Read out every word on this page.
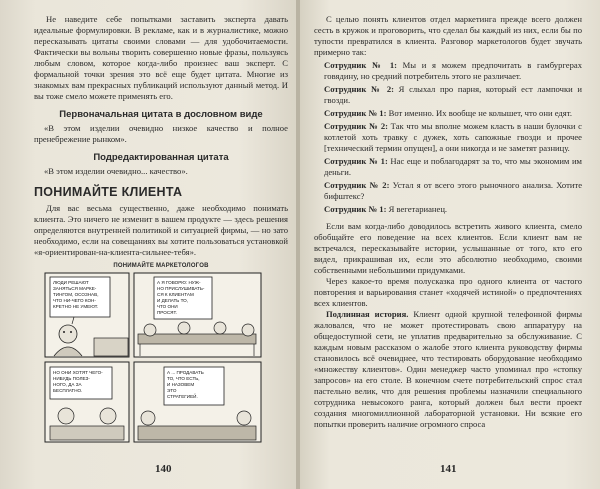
Не наведите себе попытками заставить эксперта давать идеальные формулировки. В рекламе, как и в журналистике, можно пересказывать цитаты своими словами — для удобочитаемости. Фактически вы вольны творить совершенно новые фразы, пользуясь любым словом, которое когда-либо произнес ваш эксперт. С формальной точки зрения это всё еще будет цитата. Многие из знакомых вам прекрасных публикаций используют данный метод. И вы тоже смело можете применять его.

Первоначальная цитата в дословном виде

«В этом изделии очевидно низкое качество и полное пренебрежение рынком».

Подредактированная цитата

«В этом изделии очевидно... качество».

ПОНИМАЙТЕ КЛИЕНТА

Для вас весьма существенно, даже необходимо понимать клиента. Это ничего не изменит в вашем продукте — здесь решения определяются внутренней политикой и ситуацией фирмы, — но зато необходимо, если на совещаниях вы хотите пользоваться установкой «я-ориентирован-на-клиента-сильнее-тебя».

ПОНИМАЙТЕ МАРКЕТОЛОГОВ
ЛЮДИ РЕШАЮТ ЗАНЯТЬСЯ МАРКЕ- ТИНГОМ, ОСОЗНАВ, ЧТО НИ-ЧЕГО КОН- КРЕТНО НЕ УМЕЮТ.
А Я ГОВОРЮ: НУЖ- НО ПРИСЛУШИВАТЬ- СЯ К КЛИЕНТАМ И ДЕЛАТЬ ТО, ЧТО ОНИ ПРОСЯТ.
НО ОНИ ХОТЯТ ЧЕГО- НИБУДЬ ПОЛЕЗ- НОГО, ДА ЗА БЕСПЛАТНО.
А ... ПРОДАВАТЬ ТО, ЧТО ЕСТЬ, И НАЗОВЕМ ЭТО СТРАТЕГИЕЙ.
140

С целью понять клиентов отдел маркетинга прежде всего должен сесть в кружок и проговорить, что сделал бы каждый из них, если бы по тупости превратился в клиента. Разговор маркетологов будет звучать примерно так:

Сотрудник № 1: Мы и я можем предпочитать в гамбургерах говядину, но средний потребитель этого не различает.

Сотрудник № 2: Я слыхал про парня, который ест лампочки и гвозди.

Сотрудник № 1: Вот именно. Их вообще не колышет, что они едят.

Сотрудник № 2: Так что мы вполне можем класть в наши булочки с котлетой хоть травку с дужек, хоть сапожные гвозди и прочее [технический термин опущен], а они никогда и не заметят разницу.

Сотрудник № 1: Нас еще и поблагодарят за то, что мы экономим им деньги.

Сотрудник № 2: Устал я от всего этого рыночного анализа. Хотите бифштекс?

Сотрудник № 1: Я вегетарианец.

Если вам когда-либо доводилось встретить живого клиента, смело обобщайте его поведение на всех клиентов. Если клиент вам не встречался, пересказывайте истории, услышанные от того, кто его видел, прикрашивая их, если это абсолютно необходимо, своими собственными небольшими придумками.

Через какое-то время полусказка про одного клиента от частого повторения и варьирования станет «ходячей истиной» о предпочтениях всех клиентов.

Подлинная история. Клиент одной крупной телефонной фирмы жаловался, что не может протестировать свою аппаратуру на общедоступной сети, не уплатив предварительно за обслуживание. С каждым новым рассказом о жалобе этого клиента руководству фирмы становилось всё очевиднее, что тестировать оборудование необходимо «множеству клиентов». Один менеджер часто упоминал про «стопку запросов» на его столе. В конечном счете потребительский спрос стал пастельно велик, что для решения проблемы назначили специального сотрудника невысокого ранга, который должен был вести проект создания многомиллионной лабораторной установки. Ни всякие его попытки проверить наличие огромного спроса

141
